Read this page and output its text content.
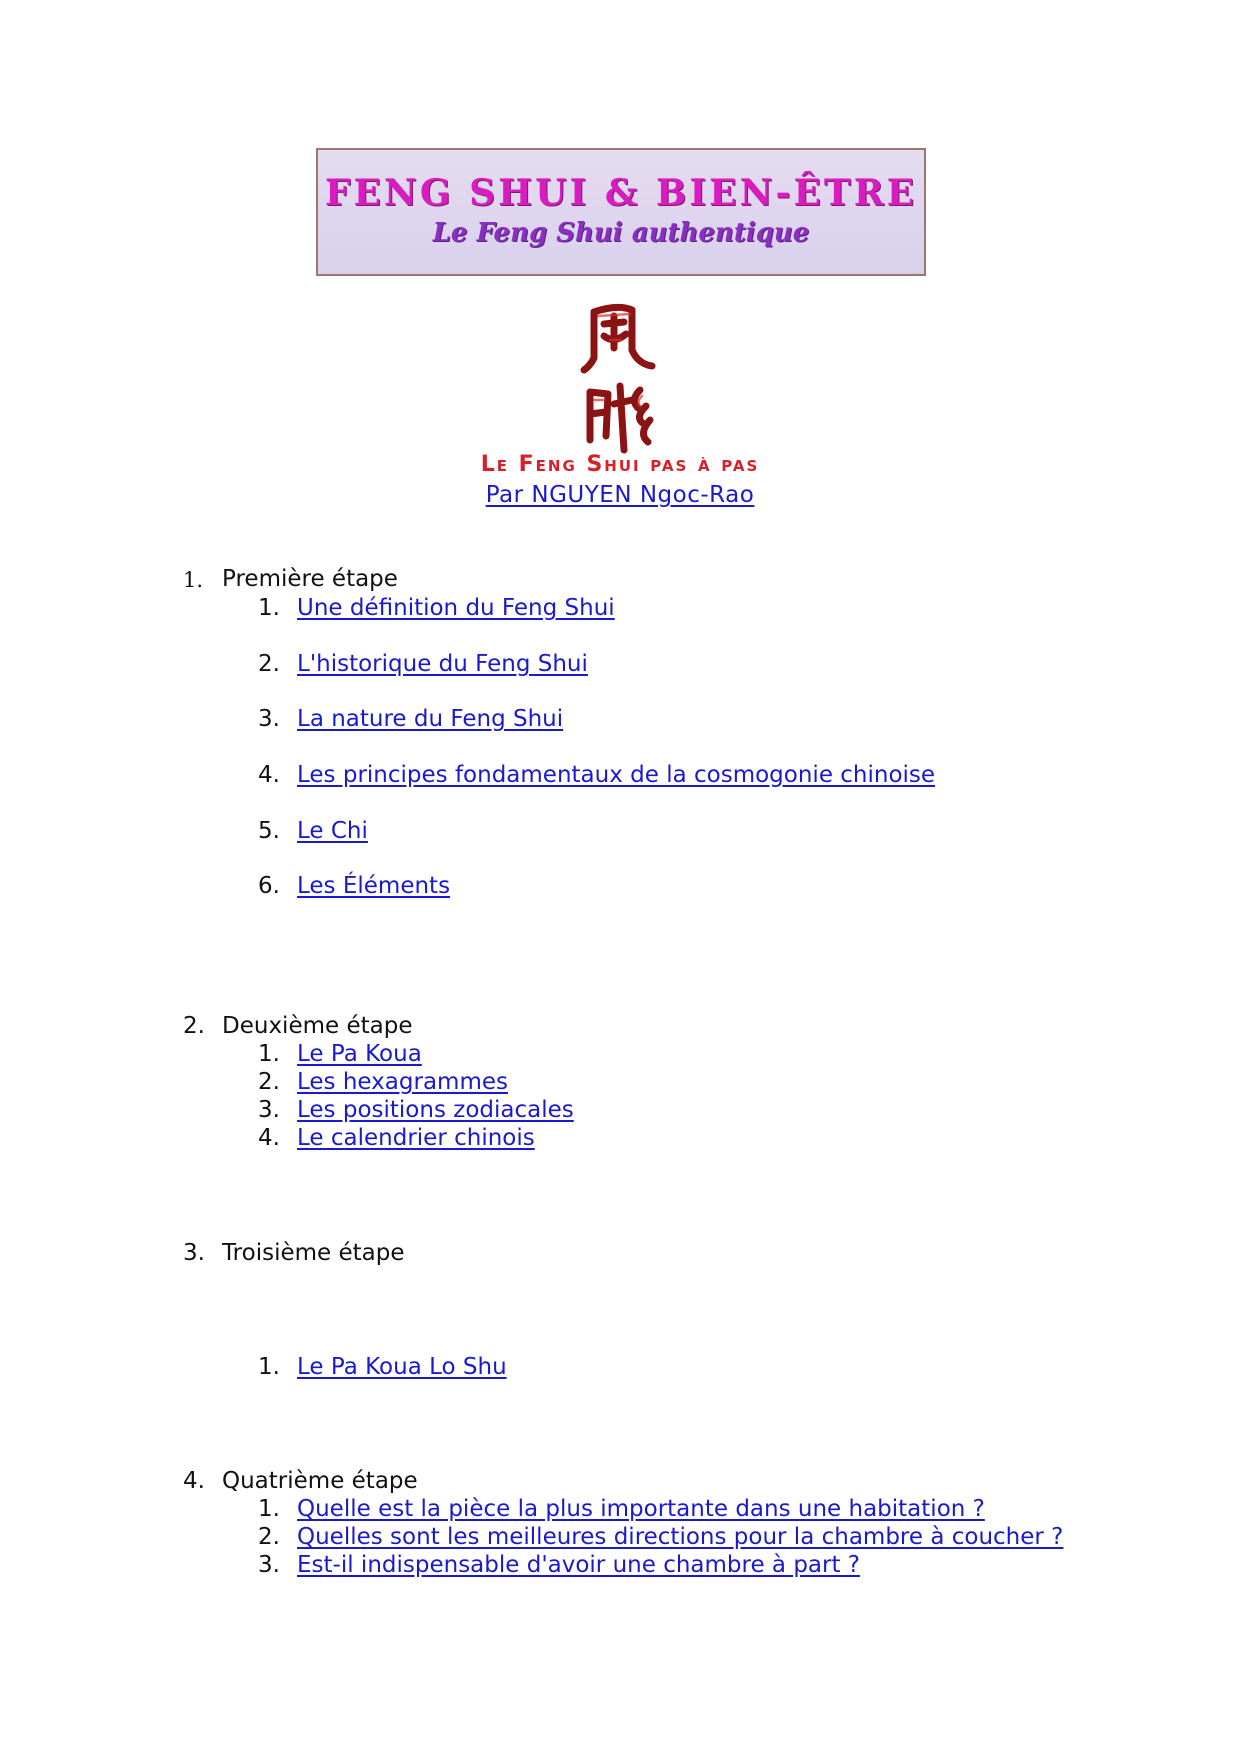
FENG SHUI & BIEN-ÊTRE
Le Feng Shui authentique
Le Feng Shui pas à pas
Par NGUYEN Ngoc-Rao
1. Première étape
1. Une définition du Feng Shui
2. L'historique du Feng Shui
3. La nature du Feng Shui
4. Les principes fondamentaux de la cosmogonie chinoise
5. Le Chi
6. Les Éléments
2. Deuxième étape
1. Le Pa Koua
2. Les hexagrammes
3. Les positions zodiacales
4. Le calendrier chinois
3. Troisième étape
1. Le Pa Koua Lo Shu
4. Quatrième étape
1. Quelle est la pièce la plus importante dans une habitation ?
2. Quelles sont les meilleures directions pour la chambre à coucher ?
3. Est-il indispensable d'avoir une chambre à part ?
